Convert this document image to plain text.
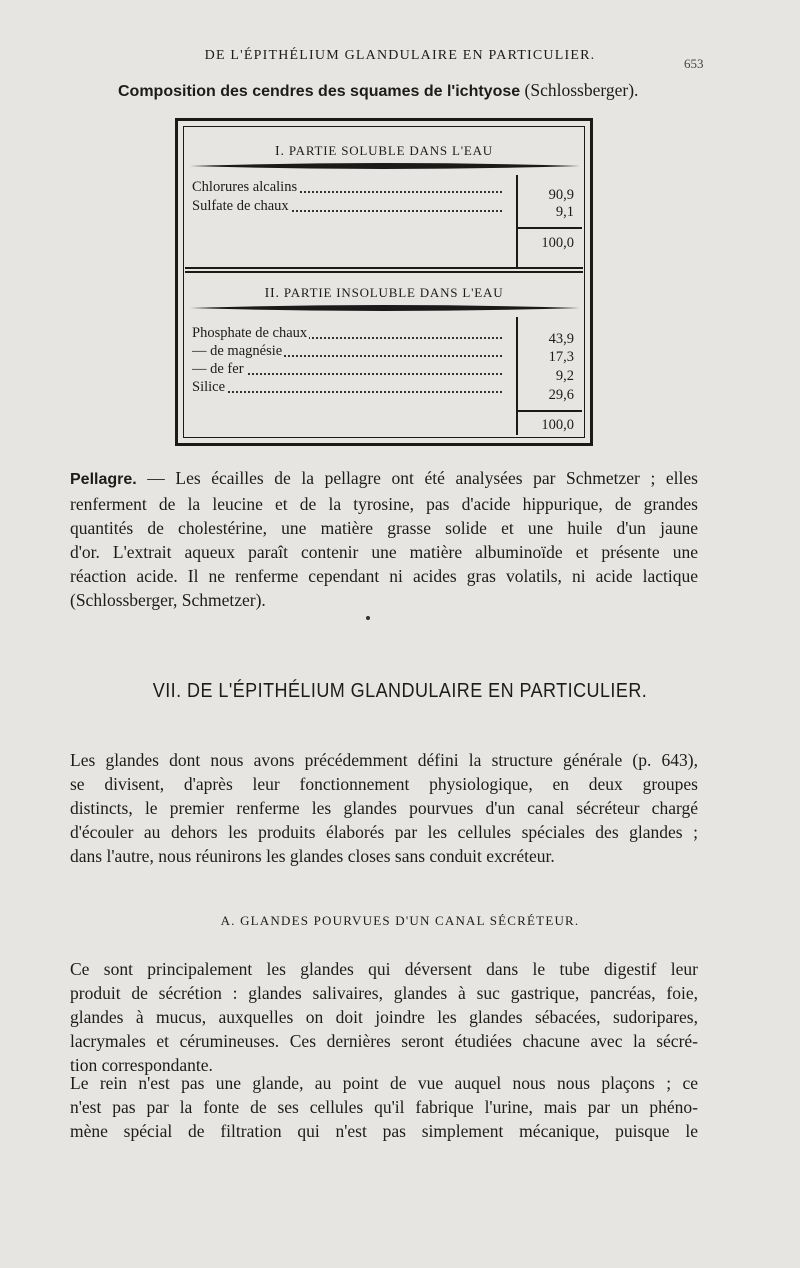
DE L'ÉPITHÉLIUM GLANDULAIRE EN PARTICULIER.
653
Composition des cendres des squames de l'ichtyose (Schlossberger).
I. PARTIE SOLUBLE DANS L'EAU
Chlorures alcalins	90,9
Sulfate de chaux	9,1
100,0
II. PARTIE INSOLUBLE DANS L'EAU
Phosphate de chaux	43,9
— de magnésie	17,3
— de fer	9,2
Silice	29,6
100,0
Pellagre. — Les écailles de la pellagre ont été analysées par Schmetzer ; elles
renferment de la leucine et de la tyrosine, pas d'acide hippurique, de grandes
quantités de cholestérine, une matière grasse solide et une huile d'un jaune
d'or. L'extrait aqueux paraît contenir une matière albuminoïde et présente une
réaction acide. Il ne renferme cependant ni acides gras volatils, ni acide lactique
(Schlossberger, Schmetzer).
VII. DE L'ÉPITHÉLIUM GLANDULAIRE EN PARTICULIER.
Les glandes dont nous avons précédemment défini la structure générale (p. 643),
se divisent, d'après leur fonctionnement physiologique, en deux groupes
distincts, le premier renferme les glandes pourvues d'un canal sécréteur chargé
d'écouler au dehors les produits élaborés par les cellules spéciales des glandes ;
dans l'autre, nous réunirons les glandes closes sans conduit excréteur.
A. GLANDES POURVUES D'UN CANAL SÉCRÉTEUR.
Ce sont principalement les glandes qui déversent dans le tube digestif leur
produit de sécrétion : glandes salivaires, glandes à suc gastrique, pancréas, foie,
glandes à mucus, auxquelles on doit joindre les glandes sébacées, sudoripares,
lacrymales et cérumineuses. Ces dernières seront étudiées chacune avec la sécré-
tion correspondante.
Le rein n'est pas une glande, au point de vue auquel nous nous plaçons ; ce
n'est pas par la fonte de ses cellules qu'il fabrique l'urine, mais par un phéno-
mène spécial de filtration qui n'est pas simplement mécanique, puisque le
